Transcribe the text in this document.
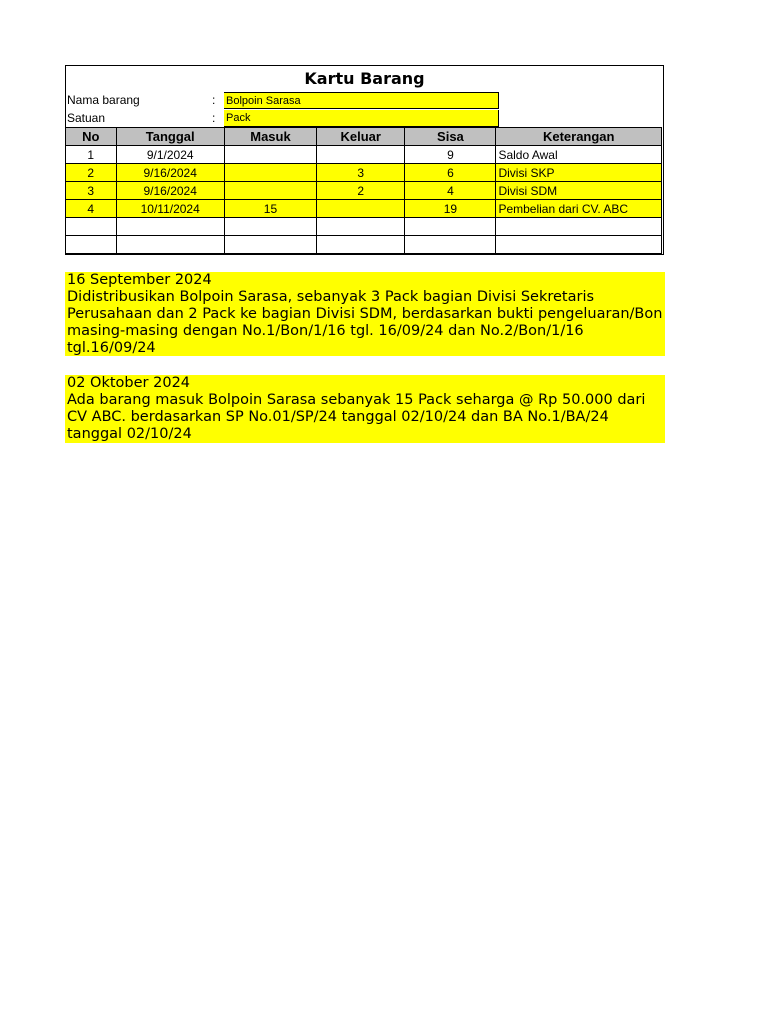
Kartu Barang
Nama barang	: Bolpoin Sarasa
Satuan	: Pack
No	Tanggal	Masuk	Keluar	Sisa	Keterangan
1	9/1/2024			9	Saldo Awal
2	9/16/2024		3	6	Divisi SKP
3	9/16/2024		2	4	Divisi SDM
4	10/11/2024	15		19	Pembelian dari CV. ABC

16 September 2024

Didistribusikan Bolpoin Sarasa, sebanyak 3 Pack bagian Divisi Sekretaris Perusahaan dan 2 Pack ke bagian Divisi SDM, berdasarkan bukti pengeluaran/Bon masing-masing dengan No.1/Bon/1/16 tgl. 16/09/24 dan No.2/Bon/1/16 tgl.16/09/24

02 Oktober 2024

Ada barang masuk Bolpoin Sarasa sebanyak 15 Pack seharga @ Rp 50.000 dari CV ABC. berdasarkan SP No.01/SP/24 tanggal 02/10/24 dan BA No.1/BA/24 tanggal 02/10/24
